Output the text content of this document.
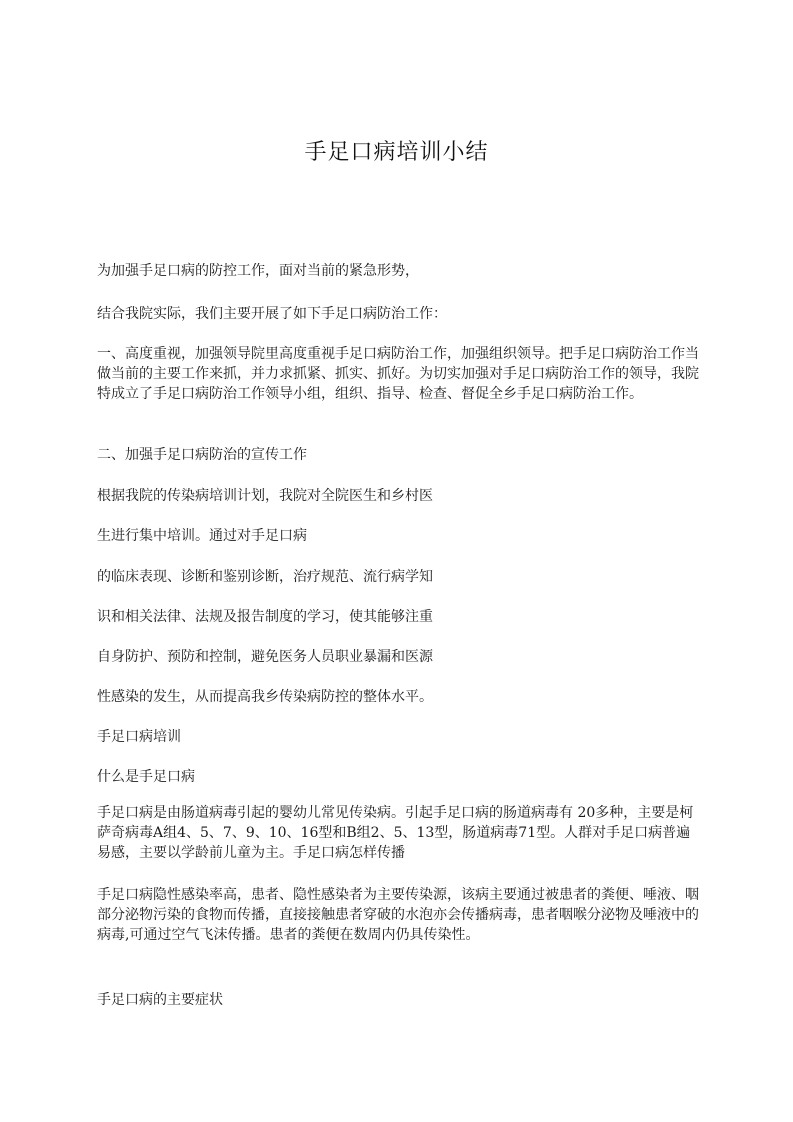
手足口病培训小结

为加强手足口病的防控工作，面对当前的紧急形势，

结合我院实际，我们主要开展了如下手足口病防治工作：

一、高度重视，加强领导院里高度重视手足口病防治工作，加强组织领导。把手足口病防治工作当做当前的主要工作来抓，并力求抓紧、抓实、抓好。为切实加强对手足口病防治工作的领导，我院特成立了手足口病防治工作领导小组，组织、指导、检查、督促全乡手足口病防治工作。

二、加强手足口病防治的宣传工作

根据我院的传染病培训计划，我院对全院医生和乡村医

生进行集中培训。通过对手足口病

的临床表现、诊断和鉴别诊断，治疗规范、流行病学知

识和相关法律、法规及报告制度的学习，使其能够注重

自身防护、预防和控制，避免医务人员职业暴漏和医源

性感染的发生，从而提高我乡传染病防控的整体水平。

手足口病培训

什么是手足口病

手足口病是由肠道病毒引起的婴幼儿常见传染病。引起手足口病的肠道病毒有 20多种，主要是柯萨奇病毒A组4、5、7、9、10、16型和B组2、5、13型，肠道病毒71型。人群对手足口病普遍易感，主要以学龄前儿童为主。手足口病怎样传播

手足口病隐性感染率高，患者、隐性感染者为主要传染源，该病主要通过被患者的粪便、唾液、咽部分泌物污染的食物而传播，直接接触患者穿破的水泡亦会传播病毒，患者咽喉分泌物及唾液中的病毒,可通过空气飞沫传播。患者的粪便在数周内仍具传染性。

手足口病的主要症状
